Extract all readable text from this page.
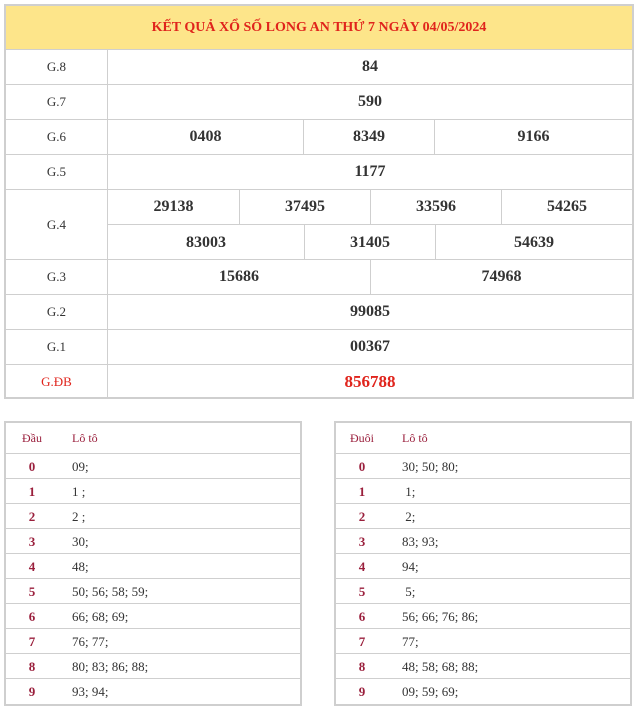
KẾT QUẢ XỔ SỐ LONG AN THỨ 7 NGÀY 04/05/2024
G.8	84
G.7	590
G.6	0408	8349	9166
G.5	1177
G.4
29138	37495	33596	54265
83003	31405	54639
G.3	15686	74968
G.2	99085
G.1	00367
G.ĐB	856788
Đầu	Lô tô
0	09;
1	1 ;
2	2 ;
3	30;
4	48;
5	50; 56; 58; 59;
6	66; 68; 69;
7	76; 77;
8	80; 83; 86; 88;
9	93; 94;
Đuôi	Lô tô
0	30; 50; 80;
1	1;
2	2;
3	83; 93;
4	94;
5	5;
6	56; 66; 76; 86;
7	77;
8	48; 58; 68; 88;
9	09; 59; 69;
